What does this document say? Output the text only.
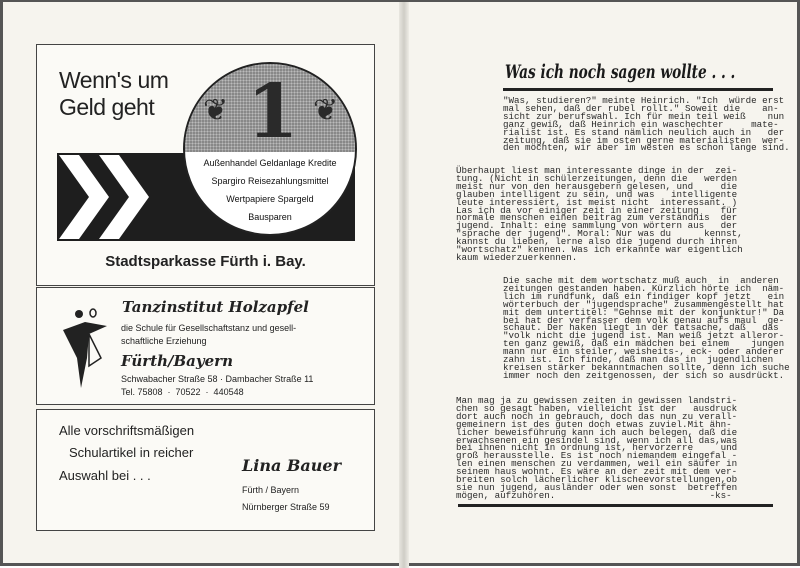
Wenn's um
Geld geht 1
❦	❦
Außenhandel Geldanlage Kredite
Spargiro Reisezahlungsmittel
Wertpapiere Spargeld
Bausparen
Stadtsparkasse Fürth i. Bay.
Tanzinstitut Holzapfel
die Schule für Gesellschaftstanz und gesell-
schaftliche Erziehung
Fürth/Bayern
Schwabacher Straße 58 · Dambacher Straße 11
Tel. 75808  ·  70522  ·  440548
Alle vorschriftsmäßigen
Schulartikel in reicher
Auswahl bei . . .
Lina Bauer
Fürth / Bayern
Nürnberger Straße 59
Was ich noch sagen wollte . . .
"Was, studieren?" meinte Heinrich. "Ich  würde erst
mal sehen, daß der rubel rollt." Soweit die    an-
sicht zur berufswahl. Ich für mein teil weiß    nun
ganz gewiß, daß Heinrich ein waschechter     mate-
rialist ist. Es stand nämlich neulich auch in   der
zeitung, daß sie im osten gerne materialisten  wer-
den möchten, wir aber im westen es schon lange sind.
Überhaupt liest man interessante dinge in der  zei-
tung. (Nicht in schülerzeitungen, denn die   werden
meist nur von den herausgebern gelesen, und     die
glauben intelligent zu sein, und was   intelligente
leute interessiert, ist meist nicht  interessant. )
Las ich da vor einiger zeit in einer zeitung    für
normale menschen einen beitrag zum verständnis  der
jugend. Inhalt: eine sammlung von wörtern aus   der
"sprache der jugend". Moral: Nur was du      kennst,
kannst du lieben, lerne also die jugend durch ihren
"wortschatz" kennen. Was ich erkannte war eigentlich
kaum wiederzuerkennen.
Die sache mit dem wortschatz muß auch  in  anderen
zeitungen gestanden haben. Kürzlich hörte ich  näm-
lich im rundfunk, daß ein findiger kopf jetzt   ein
wörterbuch der "jugendsprache" zusammengestellt hat
mit dem untertitel: "Gehnse mit der konjunktur!" Da
bei hat der verfasser dem volk genau aufs maul  ge-
schaut. Der haken liegt in der tatsache, daß   das
"volk nicht die jugend ist. Man weiß jetzt alleror-
ten ganz gewiß, daß ein mädchen bei einem    jungen
mann nur ein steiler, weisheits-, eck- oder anderer
zahn ist. Ich finde, daß man das in  jugendlichen
kreisen stärker bekanntmachen sollte, denn ich suche
immer noch den zeitgenossen, der sich so ausdrückt.
Man mag ja zu gewissen zeiten in gewissen landstri-
chen so gesagt haben, vielleicht ist der   ausdruck
dort auch noch in gebrauch, doch das nun zu verall-
gemeinern ist des guten doch etwas zuviel.Mit ähn-
licher beweisführung kann ich auch belegen, daß die
erwachsenen ein gesindel sind, wenn ich all das,was
bei ihnen nicht in ordnung ist, hervorzerre     und
groß herausstelle. Es ist noch niemandem eingefal -
len einen menschen zu verdammen, weil ein säufer in
seinem haus wohnt. Es wäre an der zeit mit dem ver-
breiten solch lächerlicher klischeevorstellungen,ob
sie nun jugend, ausländer oder wen sonst  betreffen
mögen, aufzuhören.                            -ks-
